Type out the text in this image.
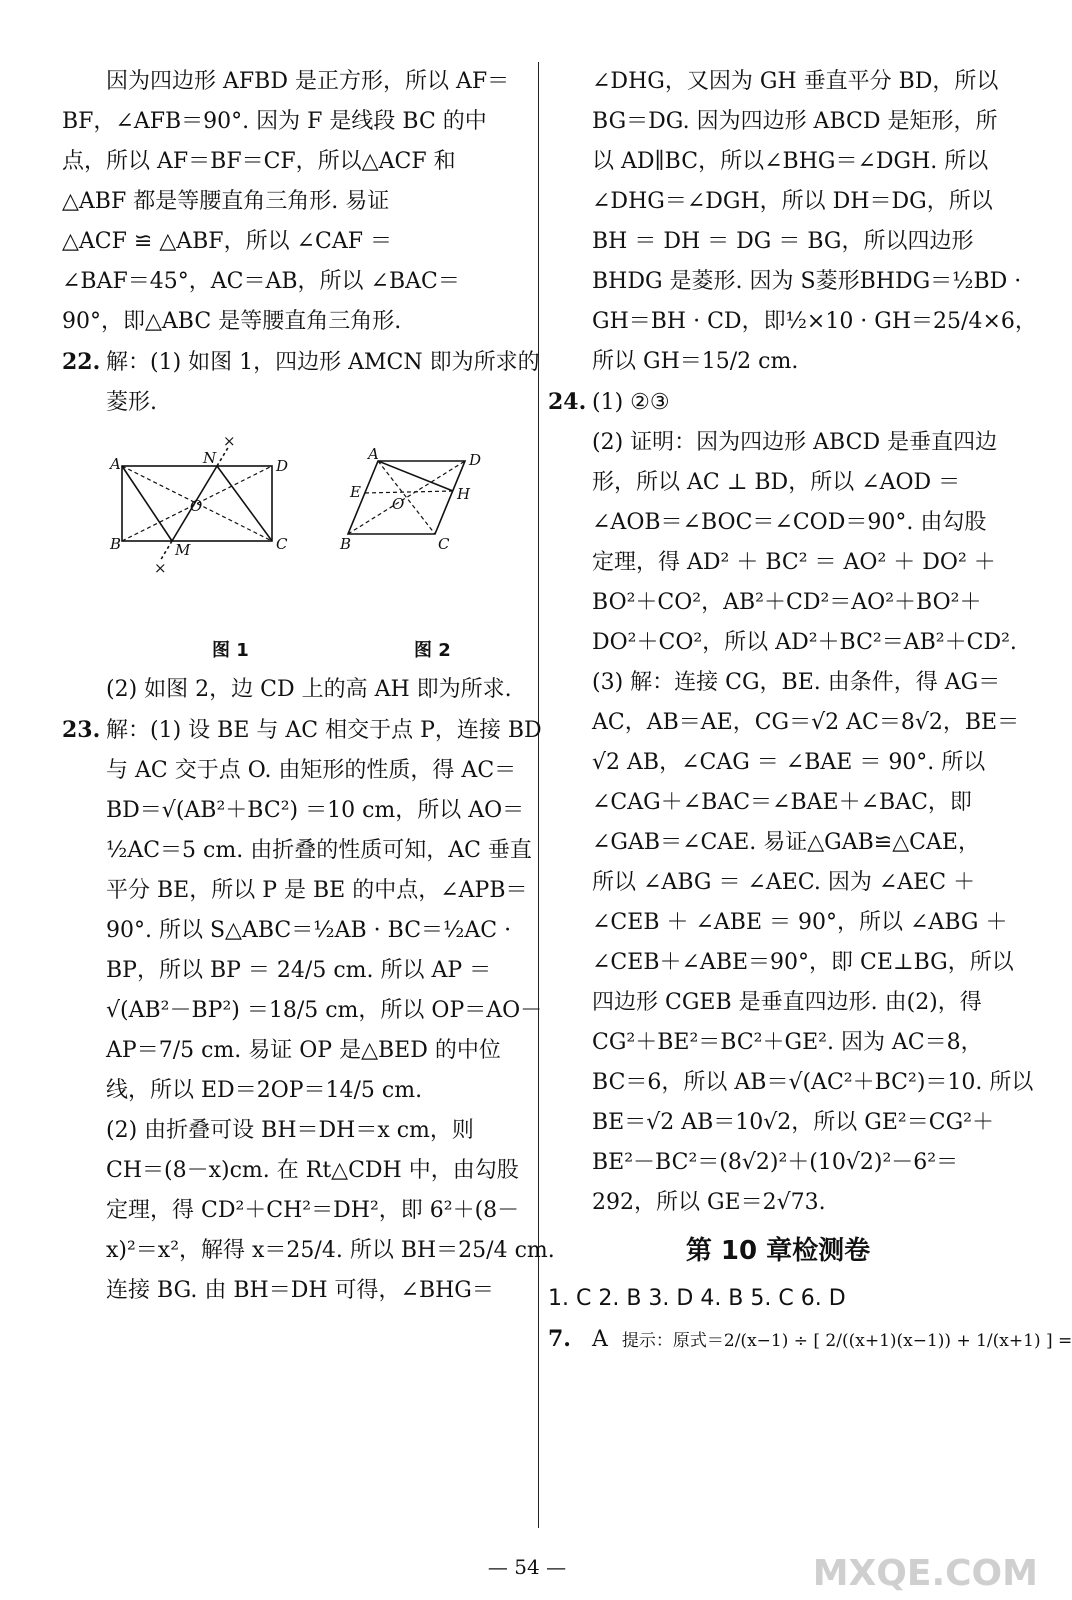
因为四边形 AFBD 是正方形，所以 AF＝
BF，∠AFB＝90°. 因为 F 是线段 BC 的中
点，所以 AF＝BF＝CF，所以△ACF 和
△ABF 都是等腰直角三角形. 易证
△ACF ≌ △ABF，所以 ∠CAF ＝
∠BAF＝45°，AC＝AB，所以 ∠BAC＝
90°，即△ABC 是等腰直角三角形.
22. 解：(1) 如图 1，四边形 AMCN 即为所求的
菱形.
A	D
B	C
N
M
O
×
×
A	D
B	C
E	H
O
图 1	图 2
(2) 如图 2，边 CD 上的高 AH 即为所求.
23. 解：(1) 设 BE 与 AC 相交于点 P，连接 BD
与 AC 交于点 O. 由矩形的性质，得 AC＝
BD＝√(AB²＋BC²) ＝10 cm，所以 AO＝
½AC＝5 cm. 由折叠的性质可知，AC 垂直
平分 BE，所以 P 是 BE 的中点，∠APB＝
90°. 所以 S△ABC＝½AB · BC＝½AC ·
BP，所以 BP ＝ 24/5 cm. 所以 AP ＝
√(AB²－BP²) ＝18/5 cm，所以 OP＝AO－
AP＝7/5 cm. 易证 OP 是△BED 的中位
线，所以 ED＝2OP＝14/5 cm.
(2) 由折叠可设 BH＝DH＝x cm，则
CH＝(8－x)cm. 在 Rt△CDH 中，由勾股
定理，得 CD²＋CH²＝DH²，即 6²＋(8－
x)²＝x²，解得 x＝25/4. 所以 BH＝25/4 cm.
连接 BG. 由 BH＝DH 可得，∠BHG＝
∠DHG，又因为 GH 垂直平分 BD，所以
BG＝DG. 因为四边形 ABCD 是矩形，所
以 AD∥BC，所以∠BHG＝∠DGH. 所以
∠DHG＝∠DGH，所以 DH＝DG，所以
BH ＝ DH ＝ DG ＝ BG，所以四边形
BHDG 是菱形. 因为 S菱形BHDG＝½BD ·
GH＝BH · CD，即½×10 · GH＝25/4×6，
所以 GH＝15/2 cm.
24. (1) ②③
(2) 证明：因为四边形 ABCD 是垂直四边
形，所以 AC ⊥ BD，所以 ∠AOD ＝
∠AOB＝∠BOC＝∠COD＝90°. 由勾股
定理，得 AD² ＋ BC² ＝ AO² ＋ DO² ＋
BO²＋CO²，AB²＋CD²＝AO²＋BO²＋
DO²＋CO²，所以 AD²＋BC²＝AB²＋CD².
(3) 解：连接 CG，BE. 由条件，得 AG＝
AC，AB＝AE，CG＝√2 AC＝8√2，BE＝
√2 AB，∠CAG ＝ ∠BAE ＝ 90°. 所以
∠CAG＋∠BAC＝∠BAE＋∠BAC，即
∠GAB＝∠CAE. 易证△GAB≌△CAE，
所以 ∠ABG ＝ ∠AEC. 因为 ∠AEC ＋
∠CEB ＋ ∠ABE ＝ 90°，所以 ∠ABG ＋
∠CEB＋∠ABE＝90°，即 CE⊥BG，所以
四边形 CGEB 是垂直四边形. 由(2)，得
CG²＋BE²＝BC²＋GE². 因为 AC＝8，
BC＝6，所以 AB＝√(AC²＋BC²)＝10. 所以
BE＝√2 AB＝10√2，所以 GE²＝CG²＋
BE²－BC²＝(8√2)²＋(10√2)²－6²＝
292，所以 GE＝2√73.
第 10 章检测卷
1. C 2. B 3. D 4. B 5. C 6. D
7. A 提示：原式＝2/(x−1) ÷ [ 2/((x+1)(x−1)) + 1/(x+1) ] =
— 54 —	MXQE.COM
